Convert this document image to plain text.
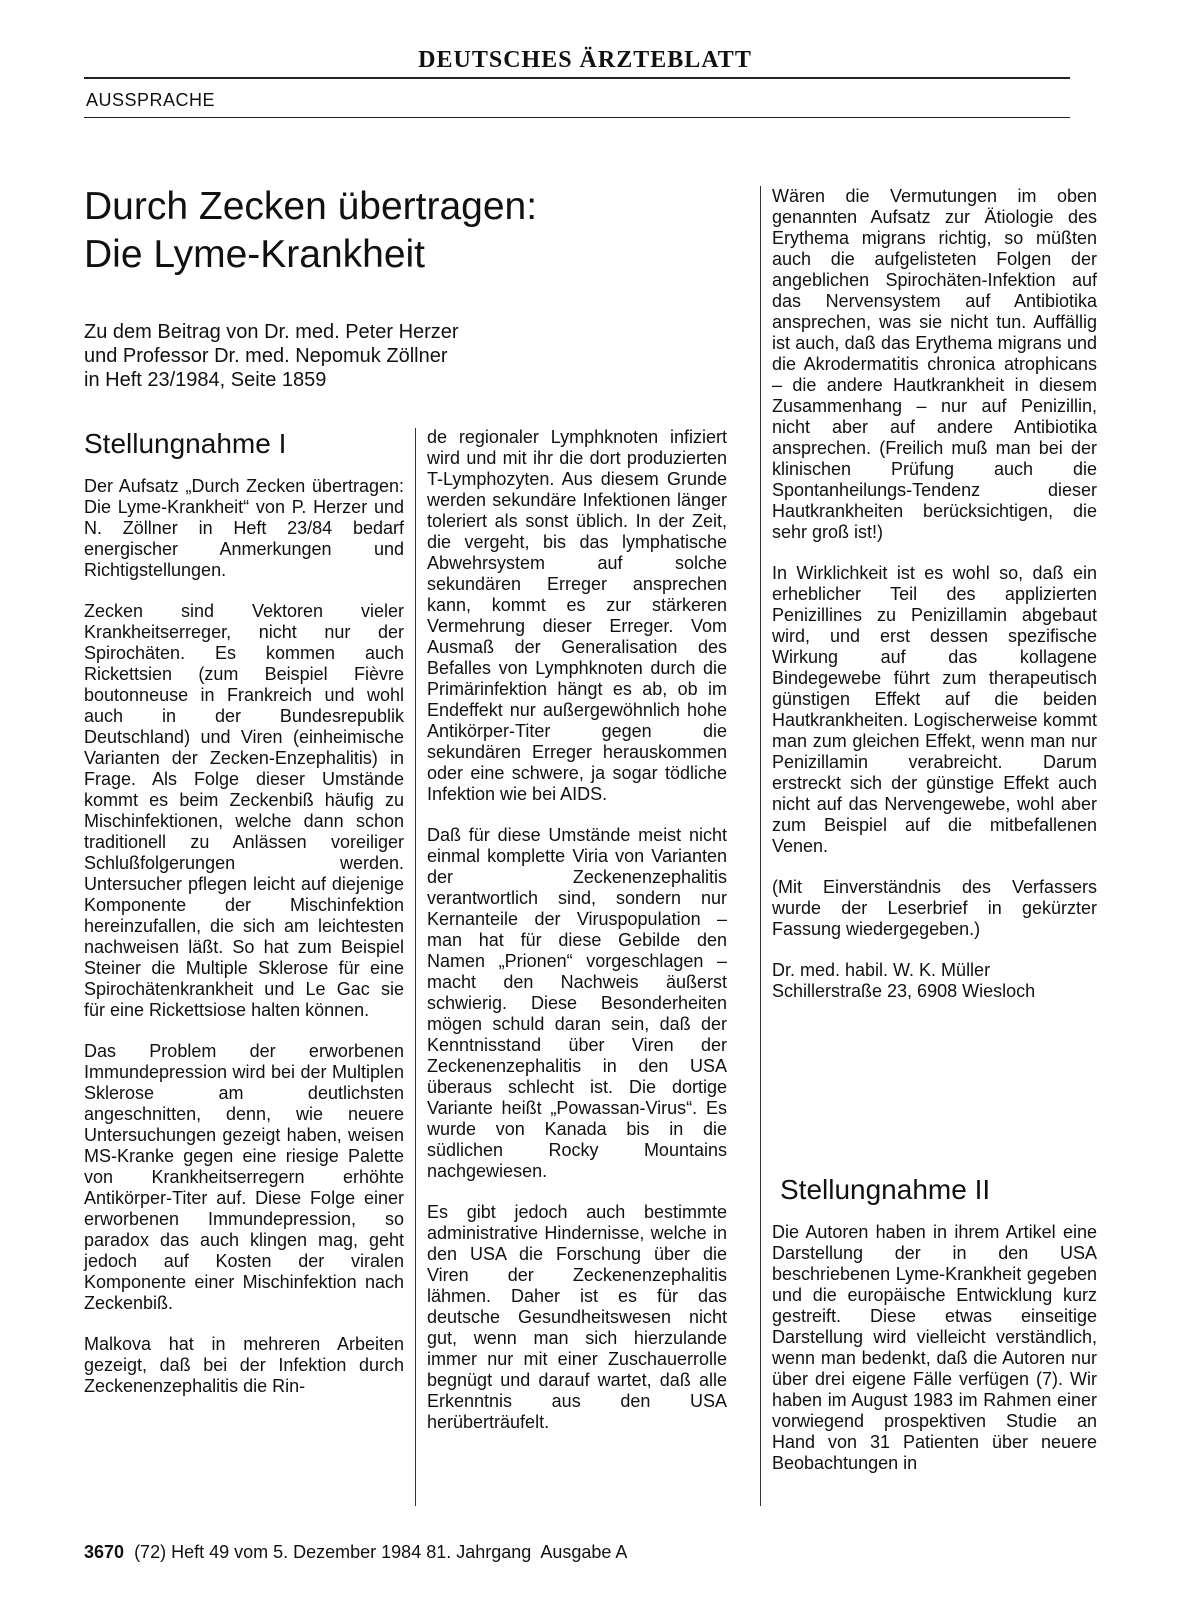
DEUTSCHES ÄRZTEBLATT
AUSSPRACHE
Durch Zecken übertragen:
Die Lyme-Krankheit
Zu dem Beitrag von Dr. med. Peter Herzer
und Professor Dr. med. Nepomuk Zöllner
in Heft 23/1984, Seite 1859
Stellungnahme I

Der Aufsatz „Durch Zecken übertragen: Die Lyme-Krankheit“ von P. Herzer und N. Zöllner in Heft 23/84 bedarf energischer Anmerkungen und Richtigstellungen.

Zecken sind Vektoren vieler Krankheitserreger, nicht nur der Spirochäten. Es kommen auch Rickettsien (zum Beispiel Fièvre boutonneuse in Frankreich und wohl auch in der Bundesrepublik Deutschland) und Viren (einheimische Varianten der Zecken-Enzephalitis) in Frage. Als Folge dieser Umstände kommt es beim Zeckenbiß häufig zu Mischinfektionen, welche dann schon traditionell zu Anlässen voreiliger Schlußfolgerungen werden. Untersucher pflegen leicht auf diejenige Komponente der Mischinfektion hereinzufallen, die sich am leichtesten nachweisen läßt. So hat zum Beispiel Steiner die Multiple Sklerose für eine Spirochätenkrankheit und Le Gac sie für eine Rickettsiose halten können.

Das Problem der erworbenen Immundepression wird bei der Multiplen Sklerose am deutlichsten angeschnitten, denn, wie neuere Untersuchungen gezeigt haben, weisen MS-Kranke gegen eine riesige Palette von Krankheitserregern erhöhte Antikörper-Titer auf. Diese Folge einer erworbenen Immundepression, so paradox das auch klingen mag, geht jedoch auf Kosten der viralen Komponente einer Mischinfektion nach Zeckenbiß.

Malkova hat in mehreren Arbeiten gezeigt, daß bei der Infektion durch Zeckenenzephalitis die Rin-

de regionaler Lymphknoten infiziert wird und mit ihr die dort produzierten T-Lymphozyten. Aus diesem Grunde werden sekundäre Infektionen länger toleriert als sonst üblich. In der Zeit, die vergeht, bis das lymphatische Abwehrsystem auf solche sekundären Erreger ansprechen kann, kommt es zur stärkeren Vermehrung dieser Erreger. Vom Ausmaß der Generalisation des Befalles von Lymphknoten durch die Primärinfektion hängt es ab, ob im Endeffekt nur außergewöhnlich hohe Antikörper-Titer gegen die sekundären Erreger herauskommen oder eine schwere, ja sogar tödliche Infektion wie bei AIDS.

Daß für diese Umstände meist nicht einmal komplette Viria von Varianten der Zeckenenzephalitis verantwortlich sind, sondern nur Kernanteile der Viruspopulation – man hat für diese Gebilde den Namen „Prionen“ vorgeschlagen – macht den Nachweis äußerst schwierig. Diese Besonderheiten mögen schuld daran sein, daß der Kenntnisstand über Viren der Zeckenenzephalitis in den USA überaus schlecht ist. Die dortige Variante heißt „Powassan-Virus“. Es wurde von Kanada bis in die südlichen Rocky Mountains nachgewiesen.

Es gibt jedoch auch bestimmte administrative Hindernisse, welche in den USA die Forschung über die Viren der Zeckenenzephalitis lähmen. Daher ist es für das deutsche Gesundheitswesen nicht gut, wenn man sich hierzulande immer nur mit einer Zuschauerrolle begnügt und darauf wartet, daß alle Erkenntnis aus den USA herüberträufelt.

Wären die Vermutungen im oben genannten Aufsatz zur Ätiologie des Erythema migrans richtig, so müßten auch die aufgelisteten Folgen der angeblichen Spirochäten-Infektion auf das Nervensystem auf Antibiotika ansprechen, was sie nicht tun. Auffällig ist auch, daß das Erythema migrans und die Akrodermatitis chronica atrophicans – die andere Hautkrankheit in diesem Zusammenhang – nur auf Penizillin, nicht aber auf andere Antibiotika ansprechen. (Freilich muß man bei der klinischen Prüfung auch die Spontanheilungs-Tendenz dieser Hautkrankheiten berücksichtigen, die sehr groß ist!)

In Wirklichkeit ist es wohl so, daß ein erheblicher Teil des applizierten Penizillines zu Penizillamin abgebaut wird, und erst dessen spezifische Wirkung auf das kollagene Bindegewebe führt zum therapeutisch günstigen Effekt auf die beiden Hautkrankheiten. Logischerweise kommt man zum gleichen Effekt, wenn man nur Penizillamin verabreicht. Darum erstreckt sich der günstige Effekt auch nicht auf das Nervengewebe, wohl aber zum Beispiel auf die mitbefallenen Venen.

(Mit Einverständnis des Verfassers wurde der Leserbrief in gekürzter Fassung wiedergegeben.)

Dr. med. habil. W. K. Müller
Schillerstraße 23, 6908 Wiesloch

Stellungnahme II

Die Autoren haben in ihrem Artikel eine Darstellung der in den USA beschriebenen Lyme-Krankheit gegeben und die europäische Entwicklung kurz gestreift. Diese etwas einseitige Darstellung wird vielleicht verständlich, wenn man bedenkt, daß die Autoren nur über drei eigene Fälle verfügen (7). Wir haben im August 1983 im Rahmen einer vorwiegend prospektiven Studie an Hand von 31 Patienten über neuere Beobachtungen in

3670 (72) Heft 49 vom 5. Dezember 1984 81. Jahrgang Ausgabe A
